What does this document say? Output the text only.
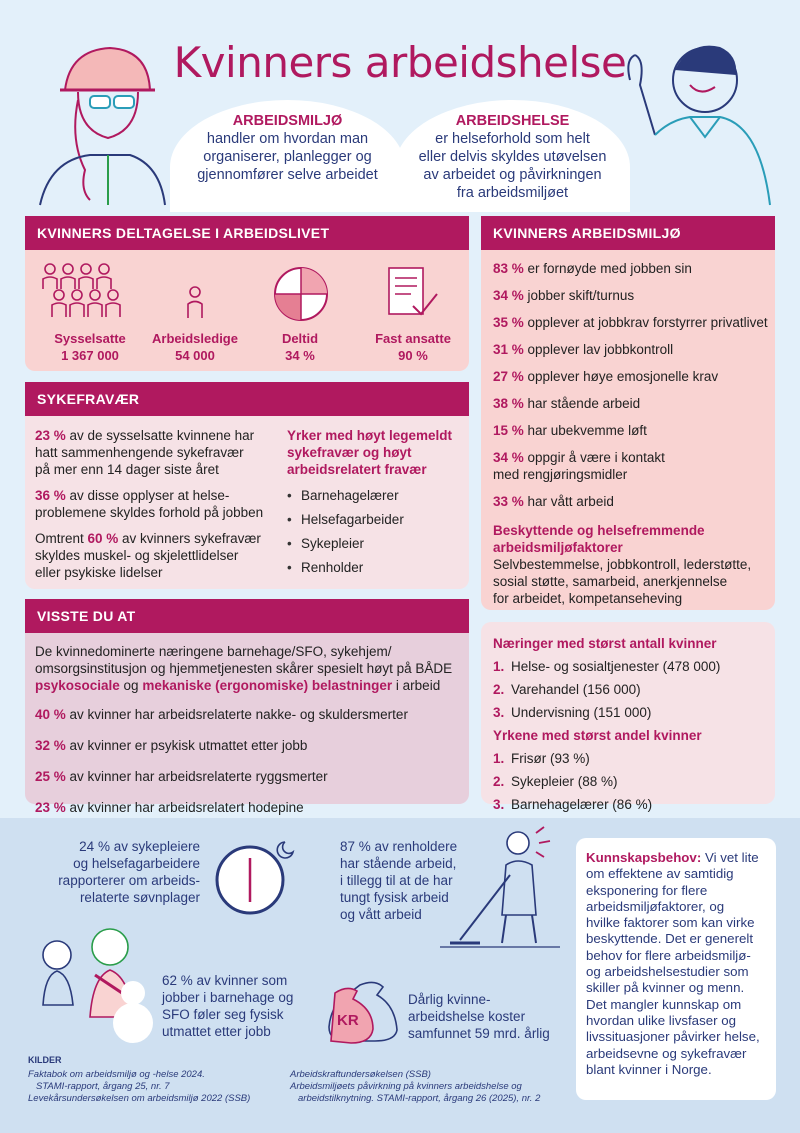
Kvinners arbeidshelse
ARBEIDSMILJØ
handler om hvordan man
organiserer, planlegger og
gjennomfører selve arbeidet
ARBEIDSHELSE
er helseforhold som helt
eller delvis skyldes utøvelsen
av arbeidet og påvirkningen
fra arbeidsmiljøet
KVINNERS DELTAGELSE I ARBEIDSLIVET
Sysselsatte
1 367 000
Arbeidsledige
54 000
Deltid
34 %
Fast ansatte
90 %
SYKEFRAVÆR
23 % av de sysselsatte kvinnene har
hatt sammenhengende sykefravær
på mer enn 14 dager siste året
36 % av disse opplyser at helse-
problemene skyldes forhold på jobben
Omtrent 60 % av kvinners sykefravær
skyldes muskel- og skjelettlidelser
eller psykiske lidelser
Yrker med høyt legemeldt
sykefravær og høyt
arbeidsrelatert fravær
• Barnehagelærer
• Helsefagarbeider
• Sykepleier
• Renholder
VISSTE DU AT
De kvinnedominerte næringene barnehage/SFO, sykehjem/
omsorgsinstitusjon og hjemmetjenesten skårer spesielt høyt på BÅDE
psykosociale og mekaniske (ergonomiske) belastninger i arbeid
40 % av kvinner har arbeidsrelaterte nakke- og skuldersmerter
32 % av kvinner er psykisk utmattet etter jobb
25 % av kvinner har arbeidsrelaterte ryggsmerter
23 % av kvinner har arbeidsrelatert hodepine
KVINNERS ARBEIDSMILJØ
83 % er fornøyde med jobben sin
34 % jobber skift/turnus
35 % opplever at jobbkrav forstyrrer privatlivet
31 % opplever lav jobbkontroll
27 % opplever høye emosjonelle krav
38 % har stående arbeid
15 % har ubekvemme løft
34 % oppgir å være i kontakt
med rengjøringsmidler
33 % har vått arbeid
Beskyttende og helsefremmende
arbeidsmiljøfaktorer
Selvbestemmelse, jobbkontroll, lederstøtte,
sosial støtte, samarbeid, anerkjennelse
for arbeidet, kompetanseheving
Næringer med størst antall kvinner
1. Helse- og sosialtjenester (478 000)
2. Varehandel (156 000)
3. Undervisning (151 000)
Yrkene med størst andel kvinner
1. Frisør (93 %)
2. Sykepleier (88 %)
3. Barnehagelærer (86 %)
24 % av sykepleiere
og helsefagarbeidere
rapporterer om arbeids-
relaterte søvnplager
62 % av kvinner som
jobber i barnehage og
SFO føler seg fysisk
utmattet etter jobb
87 % av renholdere
har stående arbeid,
i tillegg til at de har
tungt fysisk arbeid
og vått arbeid
KR
Dårlig kvinne-
arbeidshelse koster
samfunnet 59 mrd. årlig
Kunnskapsbehov: Vi vet lite
om effektene av samtidig
eksponering for flere
arbeidsmiljøfaktorer, og
hvilke faktorer som kan virke
beskyttende. Det er generelt
behov for flere arbeidsmiljø-
og arbeidshelsestudier som
skiller på kvinner og menn.
Det mangler kunnskap om
hvordan ulike livsfaser og
livssituasjoner påvirker helse,
arbeidsevne og sykefravær
blant kvinner i Norge.
KILDER
Faktabok om arbeidsmiljø og -helse 2024.
STAMI-rapport, årgang 25, nr. 7
Levekårsundersøkelsen om arbeidsmiljø 2022 (SSB)
Arbeidskraftundersøkelsen (SSB)
Arbeidsmiljøets påvirkning på kvinners arbeidshelse og
arbeidstilknytning. STAMI-rapport, årgang 26 (2025), nr. 2
